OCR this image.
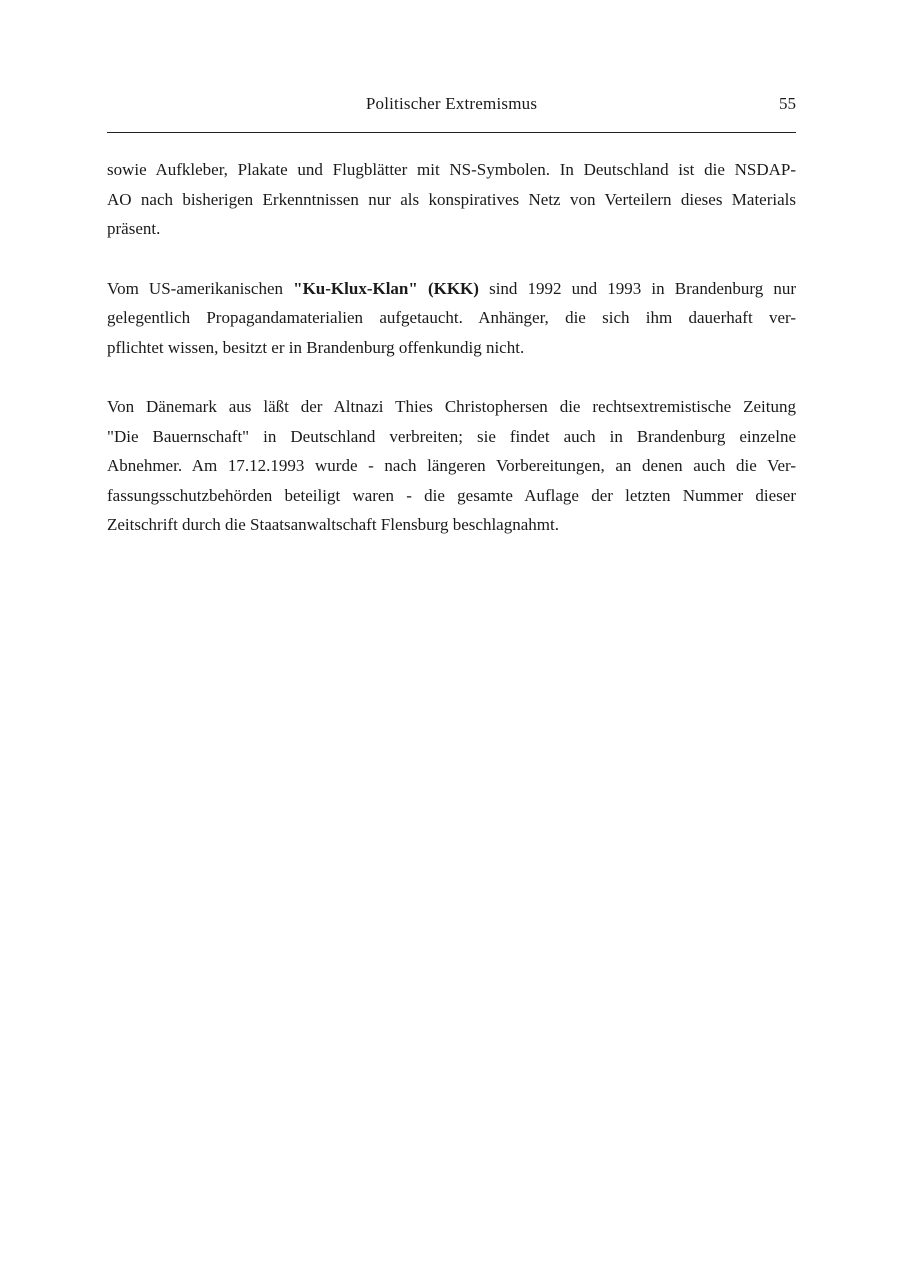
Politischer Extremismus	55

sowie Aufkleber, Plakate und Flugblätter mit NS-Symbolen. In Deutschland ist die NSDAP-
AO nach bisherigen Erkenntnissen nur als konspiratives Netz von Verteilern dieses Materials
präsent.

Vom US-amerikanischen "Ku-Klux-Klan" (KKK) sind 1992 und 1993 in Brandenburg nur
gelegentlich Propagandamaterialien aufgetaucht. Anhänger, die sich ihm dauerhaft ver-
pflichtet wissen, besitzt er in Brandenburg offenkundig nicht.

Von Dänemark aus läßt der Altnazi Thies Christophersen die rechtsextremistische Zeitung
"Die Bauernschaft" in Deutschland verbreiten; sie findet auch in Brandenburg einzelne
Abnehmer. Am 17.12.1993 wurde - nach längeren Vorbereitungen, an denen auch die Ver-
fassungsschutzbehörden beteiligt waren - die gesamte Auflage der letzten Nummer dieser
Zeitschrift durch die Staatsanwaltschaft Flensburg beschlagnahmt.
